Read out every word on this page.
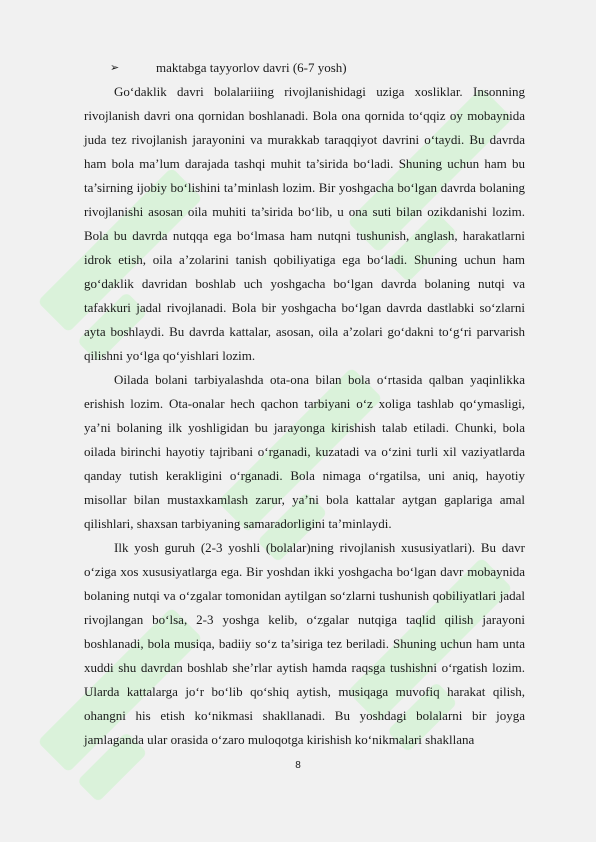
➢	maktabga tayyorlov davri (6-7 yosh)

Go‘daklik davri bolalariiing rivojlanishidagi uziga xosliklar. Insonning rivojlanish davri ona qornidan boshlanadi. Bola ona qornida to‘qqiz oy mobaynida juda tez rivojlanish jarayonini va murakkab taraqqiyot davrini o‘taydi. Bu davrda ham bola ma’lum darajada tashqi muhit ta’sirida bo‘ladi. Shuning uchun ham bu ta’sirning ijobiy bo‘lishini ta’minlash lozim. Bir yoshgacha bo‘lgan davrda bolaning rivojlanishi asosan oila muhiti ta’sirida bo‘lib, u ona suti bilan ozikdanishi lozim. Bola bu davrda nutqqa ega bo‘lmasa ham nutqni tushunish, anglash, harakatlarni idrok etish, oila a’zolarini tanish qobiliyatiga ega bo‘ladi. Shuning uchun ham go‘daklik davridan boshlab uch yoshgacha bo‘lgan davrda bolaning nutqi va tafakkuri jadal rivojlanadi. Bola bir yoshgacha bo‘lgan davrda dastlabki so‘zlarni ayta boshlaydi. Bu davrda kattalar, asosan, oila a’zolari go‘dakni to‘g‘ri parvarish qilishni yo‘lga qo‘yishlari lozim.

Oilada bolani tarbiyalashda ota-ona bilan bola o‘rtasida qalban yaqinlikka erishish lozim. Ota-onalar hech qachon tarbiyani o‘z xoliga tashlab qo‘ymasligi, ya’ni bolaning ilk yoshligidan bu jarayonga kirishish talab etiladi. Chunki, bola oilada birinchi hayotiy tajribani o‘rganadi, kuzatadi va o‘zini turli xil vaziyatlarda qanday tutish kerakligini o‘rganadi. Bola nimaga o‘rgatilsa, uni aniq, hayotiy misollar bilan mustaxkamlash zarur, ya’ni bola kattalar aytgan gaplariga amal qilishlari, shaxsan tarbiyaning samaradorligini ta’minlaydi.

Ilk yosh guruh (2-3 yoshli (bolalar)ning rivojlanish xususiyatlari). Bu davr o‘ziga xos xususiyatlarga ega. Bir yoshdan ikki yoshgacha bo‘lgan davr mobaynida bolaning nutqi va o‘zgalar tomonidan aytilgan so‘zlarni tushunish qobiliyatlari jadal rivojlangan bo‘lsa, 2-3 yoshga kelib, o‘zgalar nutqiga taqlid qilish jarayoni boshlanadi, bola musiqa, badiiy so‘z ta’siriga tez beriladi. Shuning uchun ham unta xuddi shu davrdan boshlab she’rlar aytish hamda raqsga tushishni o‘rgatish lozim. Ularda kattalarga jo‘r bo‘lib qo‘shiq aytish, musiqaga muvofiq harakat qilish, ohangni his etish ko‘nikmasi shakllanadi. Bu yoshdagi bolalarni bir joyga jamlaganda ular orasida o‘zaro muloqotga kirishish ko‘nikmalari shakllana

8
